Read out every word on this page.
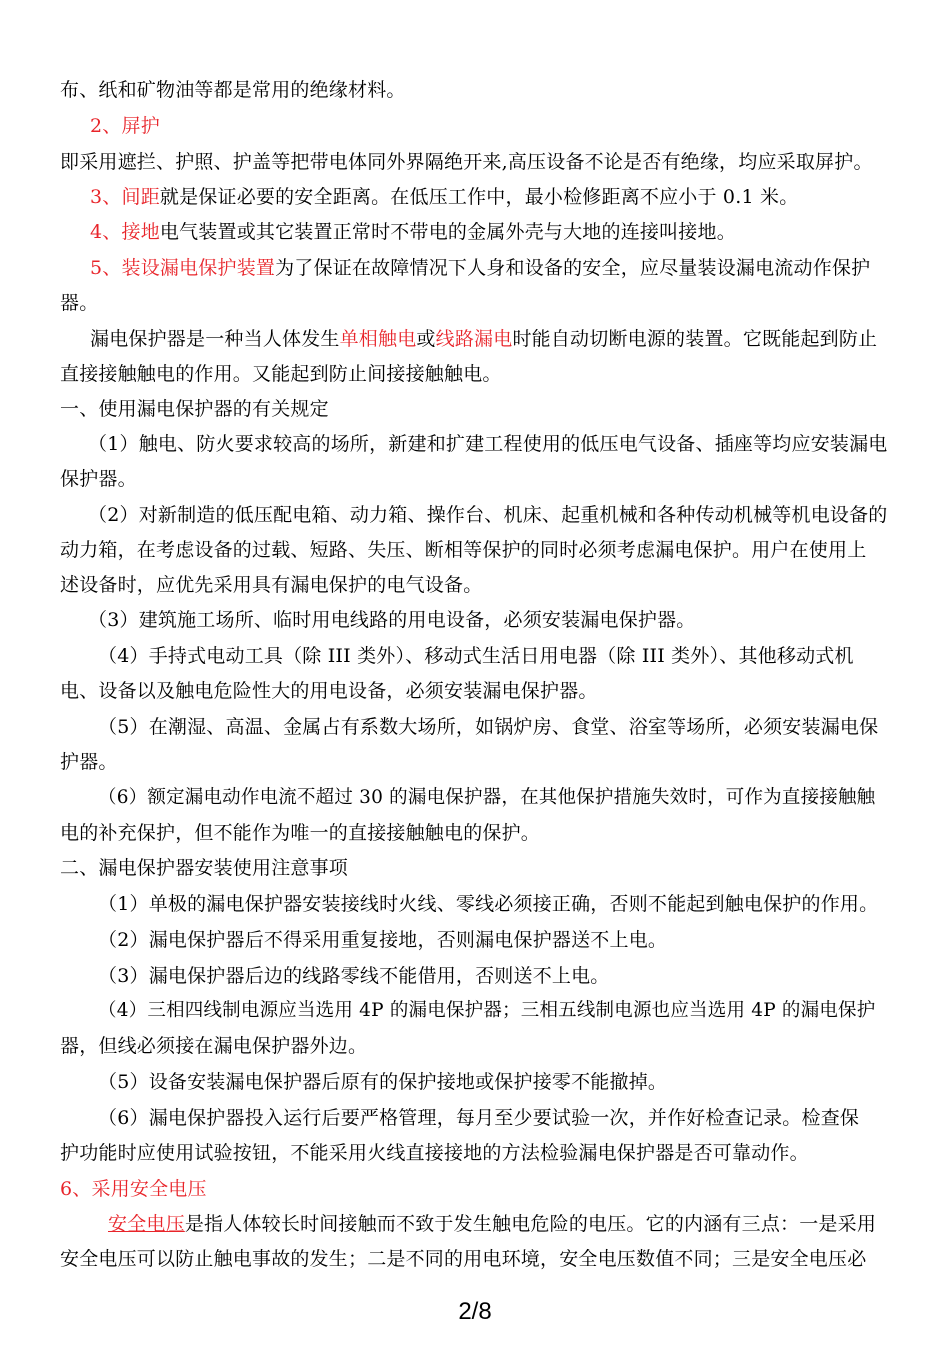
2/8
布、纸和矿物油等都是常用的绝缘材料。
2、屏护
即采用遮拦、护照、护盖等把带电体同外界隔绝开来,高压设备不论是否有绝缘，均应采取屏护。
3、间距就是保证必要的安全距离。在低压工作中，最小检修距离不应小于 0.1 米。
4、接地电气装置或其它装置正常时不带电的金属外壳与大地的连接叫接地。
5、装设漏电保护装置为了保证在故障情况下人身和设备的安全，应尽量装设漏电流动作保护
器。
漏电保护器是一种当人体发生单相触电或线路漏电时能自动切断电源的装置。它既能起到防止
直接接触触电的作用。又能起到防止间接接触触电。
一、使用漏电保护器的有关规定
（1）触电、防火要求较高的场所，新建和扩建工程使用的低压电气设备、插座等均应安装漏电
保护器。
（2）对新制造的低压配电箱、动力箱、操作台、机床、起重机械和各种传动机械等机电设备的
动力箱，在考虑设备的过载、短路、失压、断相等保护的同时必须考虑漏电保护。用户在使用上
述设备时，应优先采用具有漏电保护的电气设备。
（3）建筑施工场所、临时用电线路的用电设备，必须安装漏电保护器。
（4）手持式电动工具（除 III 类外）、移动式生活日用电器（除 III 类外）、其他移动式机
电、设备以及触电危险性大的用电设备，必须安装漏电保护器。
（5）在潮湿、高温、金属占有系数大场所，如锅炉房、食堂、浴室等场所，必须安装漏电保
护器。
（6）额定漏电动作电流不超过 30 的漏电保护器，在其他保护措施失效时，可作为直接接触触
电的补充保护，但不能作为唯一的直接接触触电的保护。
二、漏电保护器安装使用注意事项
（1）单极的漏电保护器安装接线时火线、零线必须接正确，否则不能起到触电保护的作用。
（2）漏电保护器后不得采用重复接地，否则漏电保护器送不上电。
（3）漏电保护器后边的线路零线不能借用，否则送不上电。
（4）三相四线制电源应当选用 4P 的漏电保护器；三相五线制电源也应当选用 4P 的漏电保护
器，但线必须接在漏电保护器外边。
（5）设备安装漏电保护器后原有的保护接地或保护接零不能撤掉。
（6）漏电保护器投入运行后要严格管理，每月至少要试验一次，并作好检查记录。检查保
护功能时应使用试验按钮，不能采用火线直接接地的方法检验漏电保护器是否可靠动作。
6、采用安全电压
安全电压是指人体较长时间接触而不致于发生触电危险的电压。它的内涵有三点：一是采用
安全电压可以防止触电事故的发生；二是不同的用电环境，安全电压数值不同；三是安全电压必
